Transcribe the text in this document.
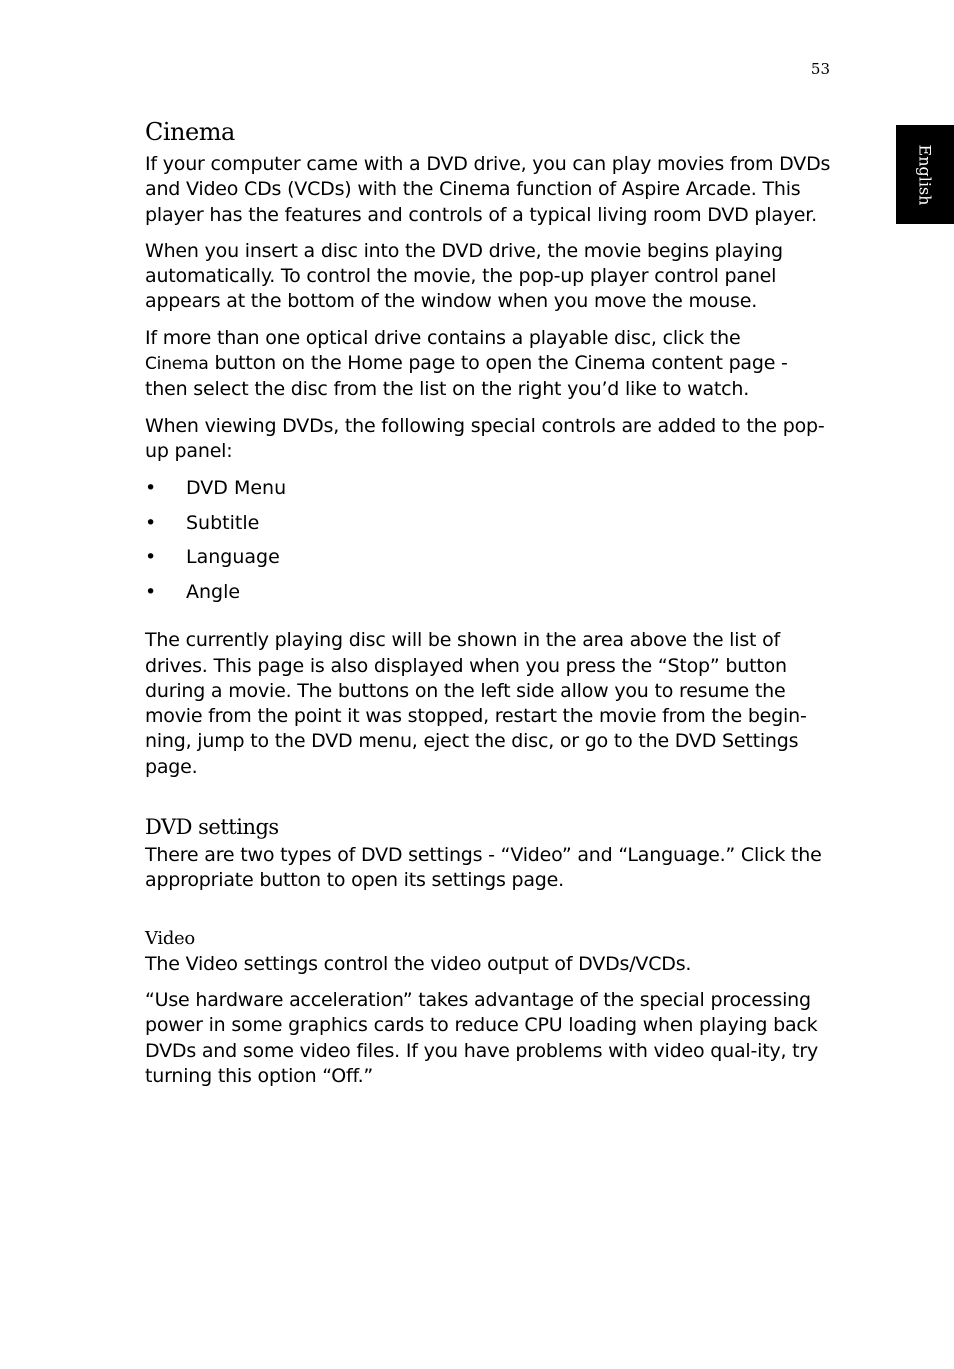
53
English
Cinema

If your computer came with a DVD drive, you can play movies from DVDs and Video CDs (VCDs) with the Cinema function of Aspire Arcade. This player has the features and controls of a typical living room DVD player.

When you insert a disc into the DVD drive, the movie begins playing automatically. To control the movie, the pop-up player control panel appears at the bottom of the window when you move the mouse.

If more than one optical drive contains a playable disc, click the
Cinema button on the Home page to open the Cinema content page - then select the disc from the list on the right you’d like to watch.

When viewing DVDs, the following special controls are added to the pop-up panel:

• DVD Menu
• Subtitle
• Language
• Angle

The currently playing disc will be shown in the area above the list of drives. This page is also displayed when you press the “Stop” button during a movie. The buttons on the left side allow you to resume the movie from the point it was stopped, restart the movie from the begin-ning, jump to the DVD menu, eject the disc, or go to the DVD Settings page.

DVD settings

There are two types of DVD settings - “Video” and “Language.” Click the appropriate button to open its settings page.

Video

The Video settings control the video output of DVDs/VCDs.

“Use hardware acceleration” takes advantage of the special processing power in some graphics cards to reduce CPU loading when playing back DVDs and some video files. If you have problems with video qual-ity, try turning this option “Off.”
